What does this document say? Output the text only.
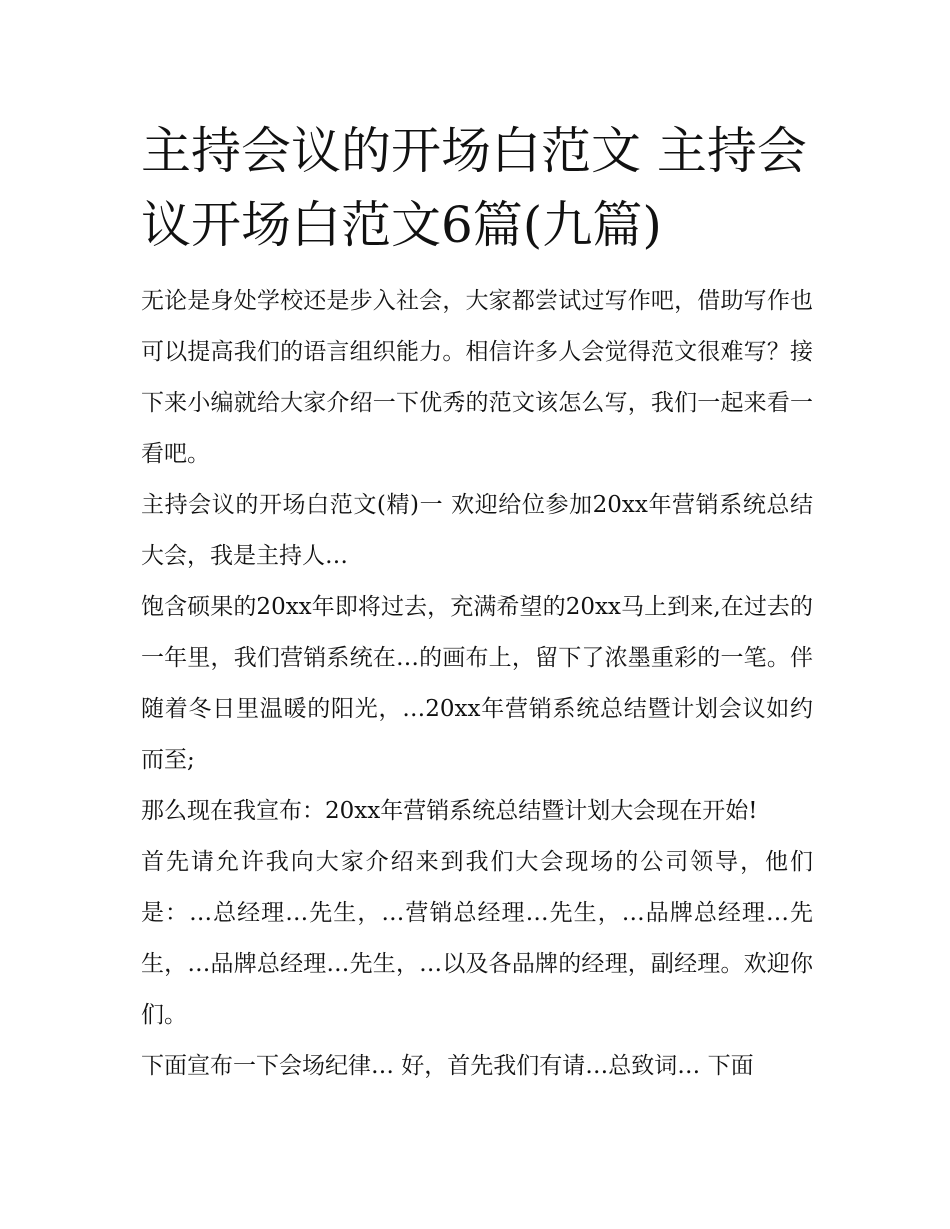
主持会议的开场白范文 主持会议开场白范文6篇(九篇)

无论是身处学校还是步入社会，大家都尝试过写作吧，借助写作也可以提高我们的语言组织能力。相信许多人会觉得范文很难写？接下来小编就给大家介绍一下优秀的范文该怎么写，我们一起来看一看吧。

主持会议的开场白范文(精)一 欢迎给位参加20xx年营销系统总结大会，我是主持人…

饱含硕果的20xx年即将过去，充满希望的20xx马上到来,在过去的一年里，我们营销系统在…的画布上，留下了浓墨重彩的一笔。伴随着冬日里温暖的阳光，…20xx年营销系统总结暨计划会议如约而至;

那么现在我宣布：20xx年营销系统总结暨计划大会现在开始!

首先请允许我向大家介绍来到我们大会现场的公司领导，他们是：…总经理…先生，…营销总经理…先生，…品牌总经理…先生，…品牌总经理…先生，…以及各品牌的经理，副经理。欢迎你们。

下面宣布一下会场纪律… 好，首先我们有请…总致词… 下面
